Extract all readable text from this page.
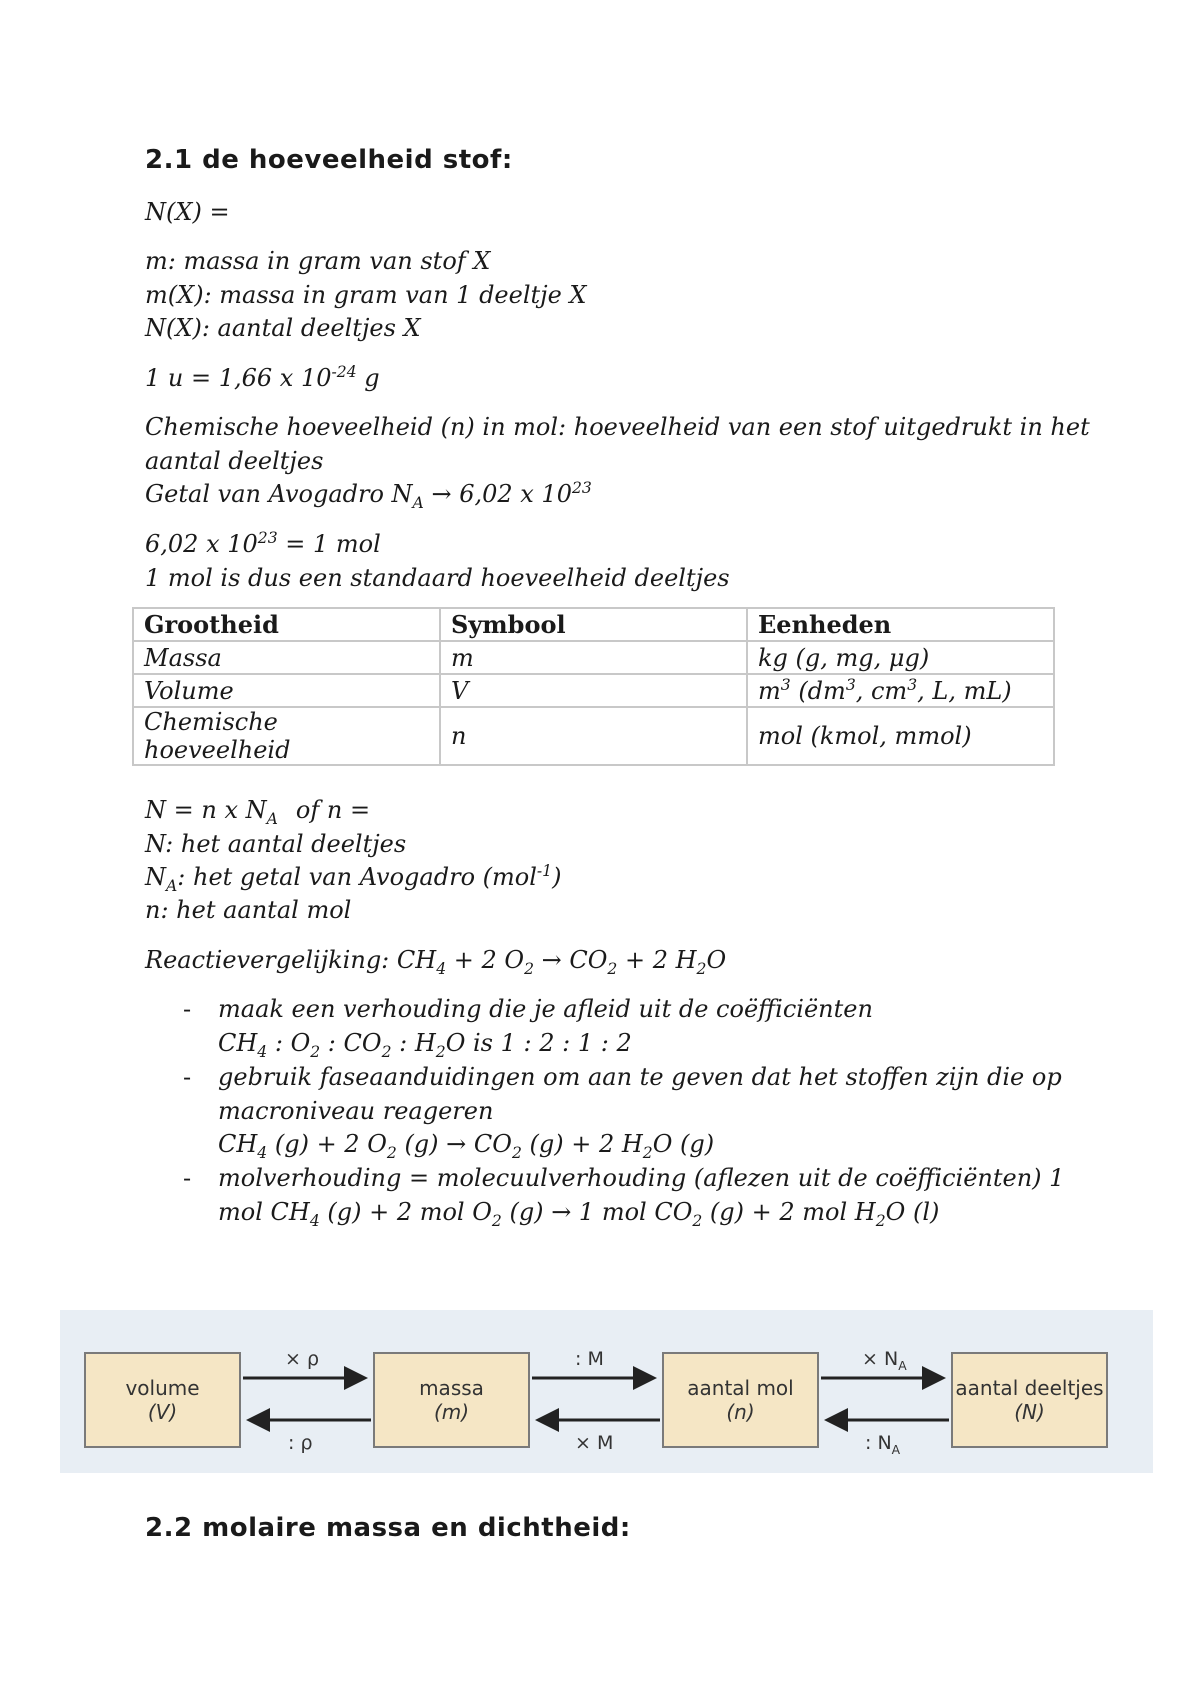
2.1 de hoeveelheid stof:
N(X) =
m: massa in gram van stof X
m(X): massa in gram van 1 deeltje X
N(X): aantal deeltjes X
1 u = 1,66 x $10^{-24}$ g
Chemische hoeveelheid (n) in mol: hoeveelheid van een stof uitgedrukt in het
aantal deeltjes
Getal van Avogadro $N_A \to 6,02$ x $10^{23}$
6,02 x $10^{23} = 1$ mol
1 mol is dus een standaard hoeveelheid deeltjes
Grootheid	Symbool	Eenheden
Massa	m	kg (g, mg, μg)
Volume	V	$m^3$ ($dm^3$, $cm^3$, L, mL)
Chemische hoeveelheid	n	mol (kmol, mmol)
N = n x $N_A$ of n =
N: het aantal deeltjes
$N_A$: het getal van Avogadro (mol$^{-1}$)
n: het aantal mol
Reactievergelijking: $CH_4 + 2$ $O_2 \to CO_2 + 2$ $H_2O$
- maak een verhouding die je afleid uit de coëfficiënten
$CH_4$ : $O_2$ : $CO_2$ : $H_2O$ is 1 : 2 : 1 : 2
- gebruik faseaanduidingen om aan te geven dat het stoffen zijn die op
macroniveau reageren
$CH_4$ (g) + 2 $O_2$ $(g) \to CO_2$ (g) + 2 $H_2O$ (g)
- molverhouding = molecuulverhouding (aflezen uit de coëfficiënten) 1
mol $CH_4$ (g) + 2 mol $O_2$ (g) → 1 mol $CO_2$ (g) + 2 mol $H_2O$ (l)
volume
(V)
massa
(m)
aantal mol
(n)
aantal deeltjes
(N)
× ρ
: ρ
: M
× M
× $N_A$
: $N_A$
2.2 molaire massa en dichtheid:
